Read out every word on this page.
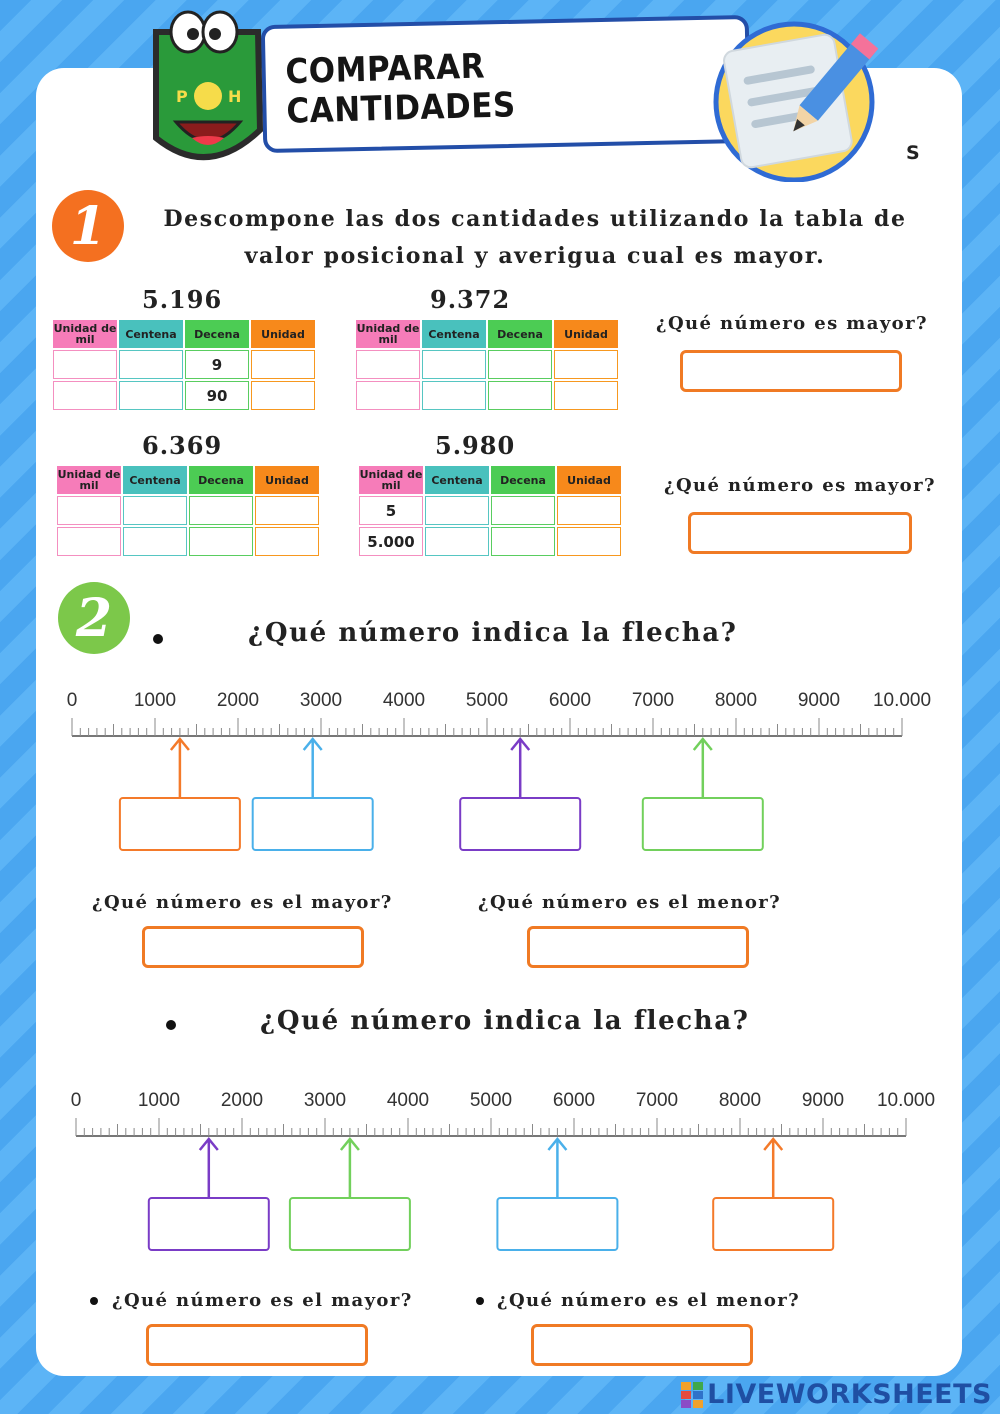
COMPARAR CANTIDADES
P	H
S
1	Descompone las dos cantidades utilizando la tabla de
valor posicional y averigua cual es mayor.
5.196
Unidad de mil	Centena	Decena	Unidad
		9	
		90	
9.372
Unidad de mil	Centena	Decena	Unidad

				¿Qué número es mayor?
6.369
Unidad de mil	Centena	Decena	Unidad

5.980
Unidad de mil	Centena	Decena	Unidad
5			
5.000			
¿Qué número es mayor?
2	¿Qué número indica la flecha?
0	1000 2000 3000 4000 5000 6000 7000 8000 9000 10.000
¿Qué número es el mayor?	¿Qué número es el menor?
¿Qué número indica la flecha?
0	1000 2000 3000 4000 5000 6000 7000 8000 9000 10.000
¿Qué número es el mayor?	¿Qué número es el menor?
LIVEWORKSHEETS
